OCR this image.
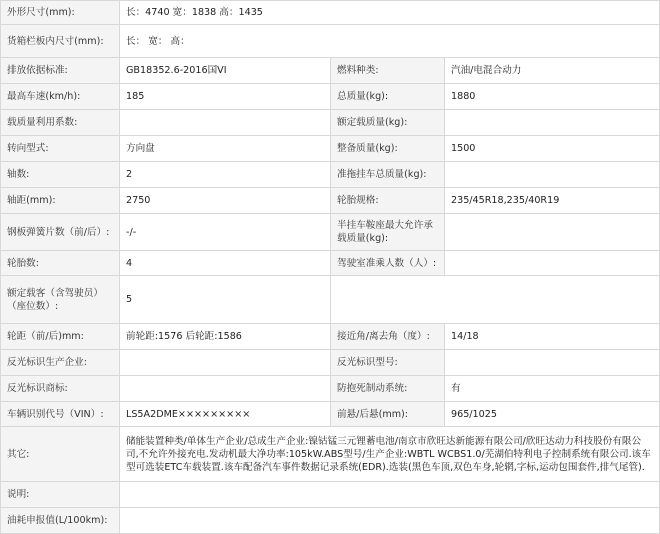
外形尺寸(mm):	长：4740 宽：1838 高：1435		
货箱栏板内尺寸(mm):	长： 宽： 高：		
排放依据标准:	GB18352.6-2016国VI	燃料种类:	汽油/电混合动力
最高车速(km/h):	185	总质量(kg):	1880
载质量利用系数:		额定载质量(kg):	
转向型式:	方向盘	整备质量(kg):	1500
轴数:	2	准拖挂车总质量(kg):	
轴距(mm):	2750	轮胎规格:	235/45R18,235/40R19
钢板弹簧片数（前/后）:	-/-	半挂车鞍座最大允许承载质量(kg):	
轮胎数:	4	驾驶室准乘人数（人）:	
额定载客（含驾驶员）（座位数）:	5		
轮距（前/后)mm:	前轮距:1576 后轮距:1586	接近角/离去角（度）:	14/18
反光标识生产企业:		反光标识型号:	
反光标识商标:		防抱死制动系统:	有
车辆识别代号（VIN）:	LS5A2DME×××××××××	前悬/后悬(mm):	965/1025
其它:	储能装置种类/单体生产企业/总成生产企业:镍钴锰三元锂蓄电池/南京市欣旺达新能源有限公司/欣旺达动力科技股份有限公司,不允许外接充电.发动机最大净功率:105kW.ABS型号/生产企业:WBTL WCBS1.0/芜湖伯特利电子控制系统有限公司.该车型可选装ETC车载装置.该车配备汽车事件数据记录系统(EDR).选装(黑色车顶,双色车身,轮辋,字标,运动包围套件,排气尾管).		
说明:			
油耗申报值(L/100km):			
